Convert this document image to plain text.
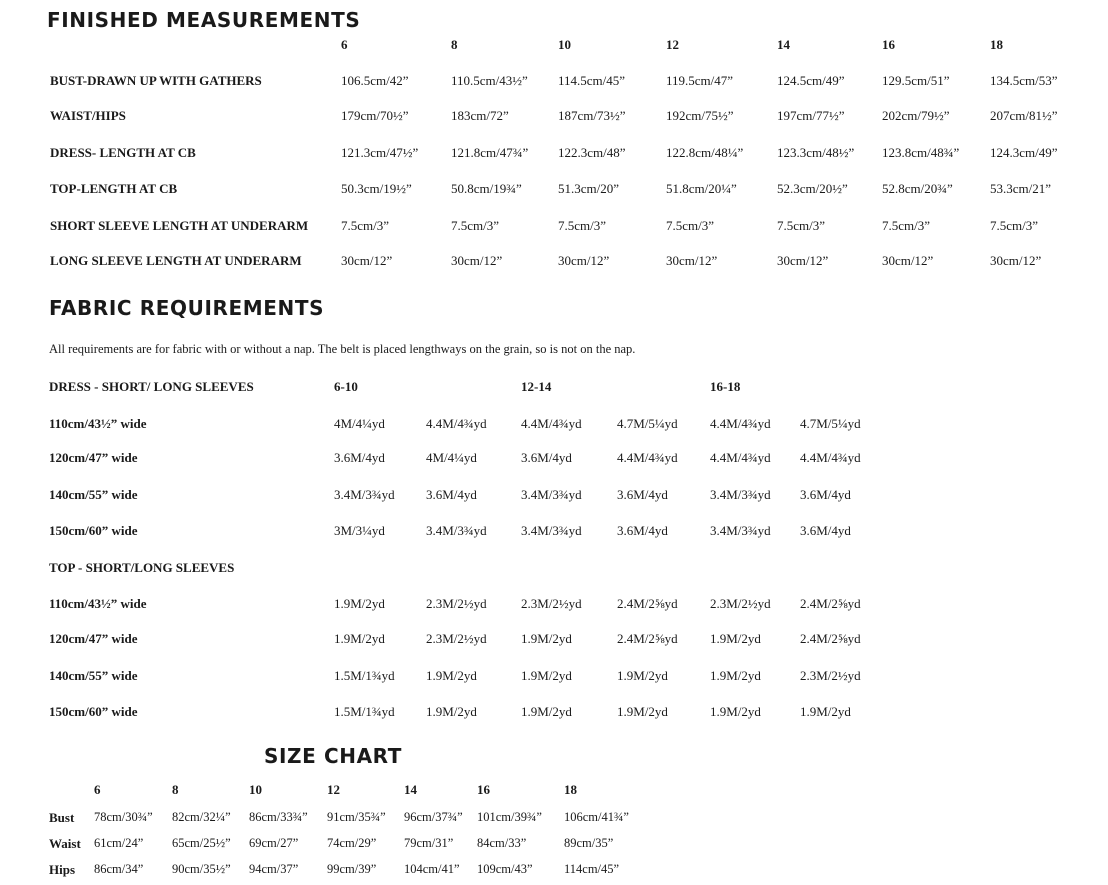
FINISHED MEASUREMENTS
6	8	10	12	14	16	18
BUST-DRAWN UP WITH GATHERS	106.5cm/42”	110.5cm/43½” 114.5cm/45”	119.5cm/47”	124.5cm/49”	129.5cm/51”	134.5cm/53”
WAIST/HIPS	179cm/70½”	183cm/72”	187cm/73½”	192cm/75½”	197cm/77½”	202cm/79½”	207cm/81½”
DRESS- LENGTH AT CB	121.3cm/47½”	121.8cm/47¾” 122.3cm/48”	122.8cm/48¼”	123.3cm/48½” 123.8cm/48¾” 124.3cm/49”
TOP-LENGTH AT CB	50.3cm/19½”	50.8cm/19¾”	51.3cm/20”	51.8cm/20¼”	52.3cm/20½”	52.8cm/20¾”	53.3cm/21”
SHORT SLEEVE LENGTH AT UNDERARM	7.5cm/3”	7.5cm/3”	7.5cm/3”	7.5cm/3”	7.5cm/3”	7.5cm/3”	7.5cm/3”
LONG SLEEVE LENGTH AT UNDERARM	30cm/12”	30cm/12”	30cm/12”	30cm/12”	30cm/12”	30cm/12”	30cm/12”
FABRIC REQUIREMENTS
All requirements are for fabric with or without a nap. The belt is placed lengthways on the grain, so is not on the nap.
DRESS - SHORT/ LONG SLEEVES	6-10	12-14	16-18
110cm/43½” wide	4M/4¼yd	4.4M/4¾yd	4.4M/4¾yd	4.7M/5¼yd 4.4M/4¾yd 4.7M/5¼yd
120cm/47” wide	3.6M/4yd	4M/4¼yd	3.6M/4yd	4.4M/4¾yd 4.4M/4¾yd 4.4M/4¾yd
140cm/55” wide	3.4M/3¾yd 3.6M/4yd	3.4M/3¾yd	3.6M/4yd	3.4M/3¾yd 3.6M/4yd
150cm/60” wide	3M/3¼yd	3.4M/3¾yd	3.4M/3¾yd	3.6M/4yd	3.4M/3¾yd 3.6M/4yd
TOP - SHORT/LONG SLEEVES
110cm/43½” wide	1.9M/2yd	2.3M/2½yd	2.3M/2½yd	2.4M/2⅝yd 2.3M/2½yd 2.4M/2⅝yd
120cm/47” wide	1.9M/2yd	2.3M/2½yd	1.9M/2yd	2.4M/2⅝yd 1.9M/2yd	2.4M/2⅝yd
140cm/55” wide	1.5M/1¾yd 1.9M/2yd	1.9M/2yd	1.9M/2yd	1.9M/2yd	2.3M/2½yd
150cm/60” wide	1.5M/1¾yd 1.9M/2yd	1.9M/2yd	1.9M/2yd	1.9M/2yd	1.9M/2yd
SIZE CHART
6	8	10	12	14	16	18
Bust 78cm/30¾” 82cm/32¼” 86cm/33¾” 91cm/35¾” 96cm/37¾” 101cm/39¾” 106cm/41¾”
Waist 61cm/24” 65cm/25½” 69cm/27” 74cm/29” 79cm/31” 84cm/33”	89cm/35”
Hips 86cm/34” 90cm/35½” 94cm/37” 99cm/39” 104cm/41” 109cm/43”	114cm/45”
